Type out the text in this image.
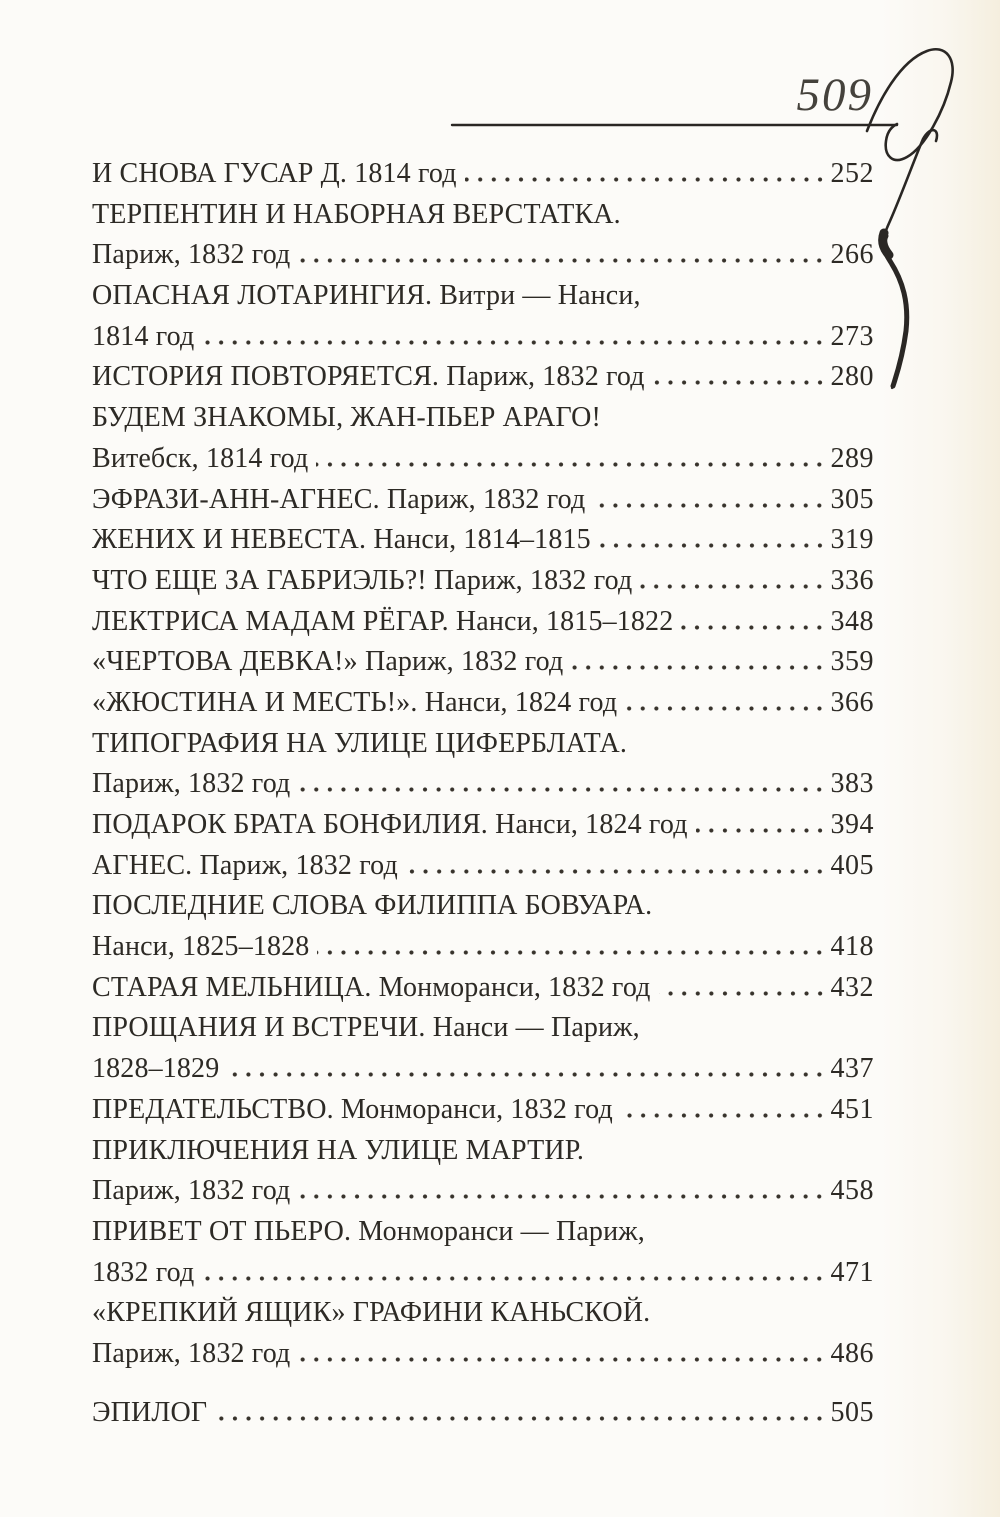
509
И СНОВА ГУСАР Д. 1814 год	252
ТЕРПЕНТИН И НАБОРНАЯ ВЕРСТАТКА.
Париж, 1832 год	266
ОПАСНАЯ ЛОТАРИНГИЯ. Витри — Нанси,
1814 год	273
ИСТОРИЯ ПОВТОРЯЕТСЯ. Париж, 1832 год	280
БУДЕМ ЗНАКОМЫ, ЖАН-ПЬЕР АРАГО!
Витебск, 1814 год	289
ЭФРАЗИ-АНН-АГНЕС. Париж, 1832 год	305
ЖЕНИХ И НЕВЕСТА. Нанси, 1814–1815	319
ЧТО ЕЩЕ ЗА ГАБРИЭЛЬ?! Париж, 1832 год	336
ЛЕКТРИСА МАДАМ РЁГАР. Нанси, 1815–1822	348
«ЧЕРТОВА ДЕВКА!» Париж, 1832 год	359
«ЖЮСТИНА И МЕСТЬ!». Нанси, 1824 год	366
ТИПОГРАФИЯ НА УЛИЦЕ ЦИФЕРБЛАТА.
Париж, 1832 год	383
ПОДАРОК БРАТА БОНФИЛИЯ. Нанси, 1824 год	394
АГНЕС. Париж, 1832 год	405
ПОСЛЕДНИЕ СЛОВА ФИЛИППА БОВУАРА.
Нанси, 1825–1828	418
СТАРАЯ МЕЛЬНИЦА. Монморанси, 1832 год	432
ПРОЩАНИЯ И ВСТРЕЧИ. Нанси — Париж,
1828–1829	437
ПРЕДАТЕЛЬСТВО. Монморанси, 1832 год	451
ПРИКЛЮЧЕНИЯ НА УЛИЦЕ МАРТИР.
Париж, 1832 год	458
ПРИВЕТ ОТ ПЬЕРО. Монморанси — Париж,
1832 год	471
«КРЕПКИЙ ЯЩИК» ГРАФИНИ КАНЬСКОЙ.
Париж, 1832 год	486
ЭПИЛОГ	505
